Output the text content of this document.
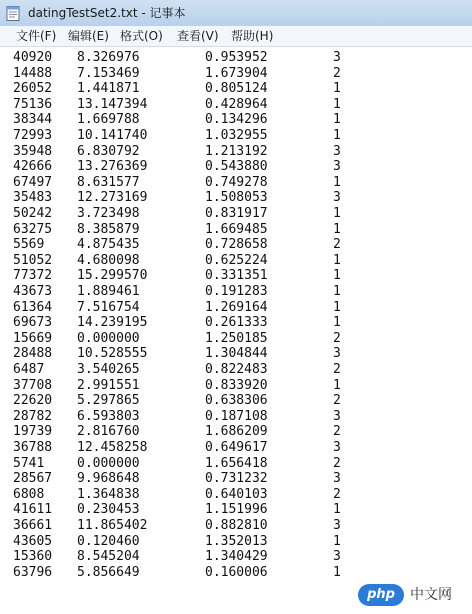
datingTestSet2.txt - 记事本
文件(F) 编辑(E) 格式(O) 查看(V) 帮助(H)
40920 8.326976	0.953952	3
14488 7.153469	1.673904	2
26052 1.441871	0.805124	1
75136 13.147394	0.428964	1
38344 1.669788	0.134296	1
72993 10.141740	1.032955	1
35948 6.830792	1.213192	3
42666 13.276369	0.543880	3
67497 8.631577	0.749278	1
35483 12.273169	1.508053	3
50242 3.723498	0.831917	1
63275 8.385879	1.669485	1
5569	4.875435	0.728658	2
51052 4.680098	0.625224	1
77372 15.299570	0.331351	1
43673 1.889461	0.191283	1
61364 7.516754	1.269164	1
69673 14.239195	0.261333	1
15669 0.000000	1.250185	2
28488 10.528555	1.304844	3
6487	3.540265	0.822483	2
37708 2.991551	0.833920	1
22620 5.297865	0.638306	2
28782 6.593803	0.187108	3
19739 2.816760	1.686209	2
36788 12.458258	0.649617	3
5741	0.000000	1.656418	2
28567 9.968648	0.731232	3
6808	1.364838	0.640103	2
41611 0.230453	1.151996	1
36661 11.865402	0.882810	3
43605 0.120460	1.352013	1
15360 8.545204	1.340429	3
63796 5.856649	0.160006	1
php	中文网
